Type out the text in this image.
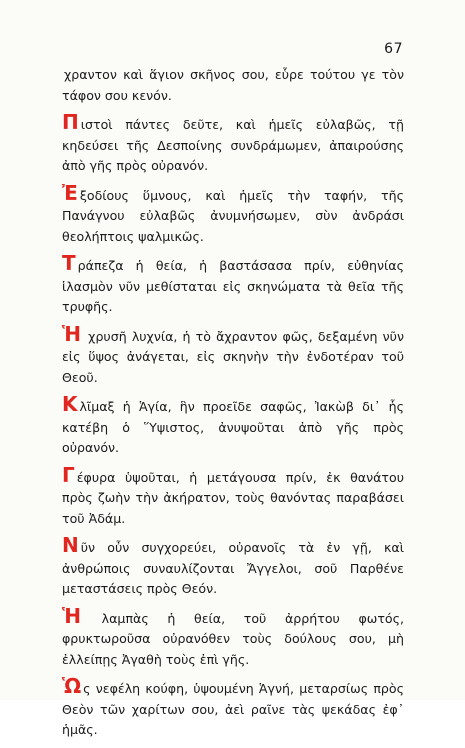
67

χραντον καὶ ἅγιον σκῆνος σου, εὗρε τούτου γε τὸν τάφον σου κενόν.

Πιστοὶ πάντες δεῦτε, καὶ ἡμεῖς εὐλαβῶς, τῇ κηδεύσει τῆς Δεσποίνης συνδράμωμεν, ἀπαιρούσης ἀπὸ γῆς πρὸς οὐρανόν.

Ἐξοδίους ὕμνους, καὶ ἡμεῖς τὴν ταφήν, τῆς Πανάγνου εὐλαβῶς ἀνυμνήσωμεν, σὺν ἀνδράσι θεολήπτοις ψαλμικῶς.

Τράπεζα ἡ θεία, ἡ βαστάσασα πρίν, εὐθηνίας ἱλασμὸν νῦν μεθίσταται εἰς σκηνώματα τὰ θεῖα τῆς τρυφῆς.

Ἡ χρυσῆ λυχνία, ἡ τὸ ἄχραντον φῶς, δεξαμένη νῦν εἰς ὕψος ἀνάγεται, εἰς σκηνὴν τὴν ἐνδοτέραν τοῦ Θεοῦ.

Κλῖμαξ ἡ Ἁγία, ἣν προεῖδε σαφῶς, Ἰακὼβ δι᾽ ἧς κατέβη ὁ Ὕψιστος, ἀνυψοῦται ἀπὸ γῆς πρὸς οὐρανόν.

Γέφυρα ὑψοῦται, ἡ μετάγουσα πρίν, ἐκ θανάτου πρὸς ζωὴν τὴν ἀκήρατον, τοὺς θανόντας παραβάσει τοῦ Ἀδάμ.

Νῦν οὖν συγχορεύει, οὐρανοῖς τὰ ἐν γῇ, καὶ ἀνθρώποις συναυλίζονται Ἄγγελοι, σοῦ Παρθένε μεταστάσεις πρὸς Θεόν.

Ἡ λαμπὰς ἡ θεία, τοῦ ἀρρήτου φωτός, φρυκτωροῦσα οὐρανόθεν τοὺς δούλους σου, μὴ ἐλλείπῃς Ἀγαθὴ τοὺς ἐπὶ γῆς.

Ὡς νεφέλη κούφη, ὑψουμένη Ἁγνή, μεταρσίως πρὸς Θεὸν τῶν χαρίτων σου, ἀεὶ ραῖνε τὰς ψεκάδας ἐφ᾽ ἡμᾶς.
